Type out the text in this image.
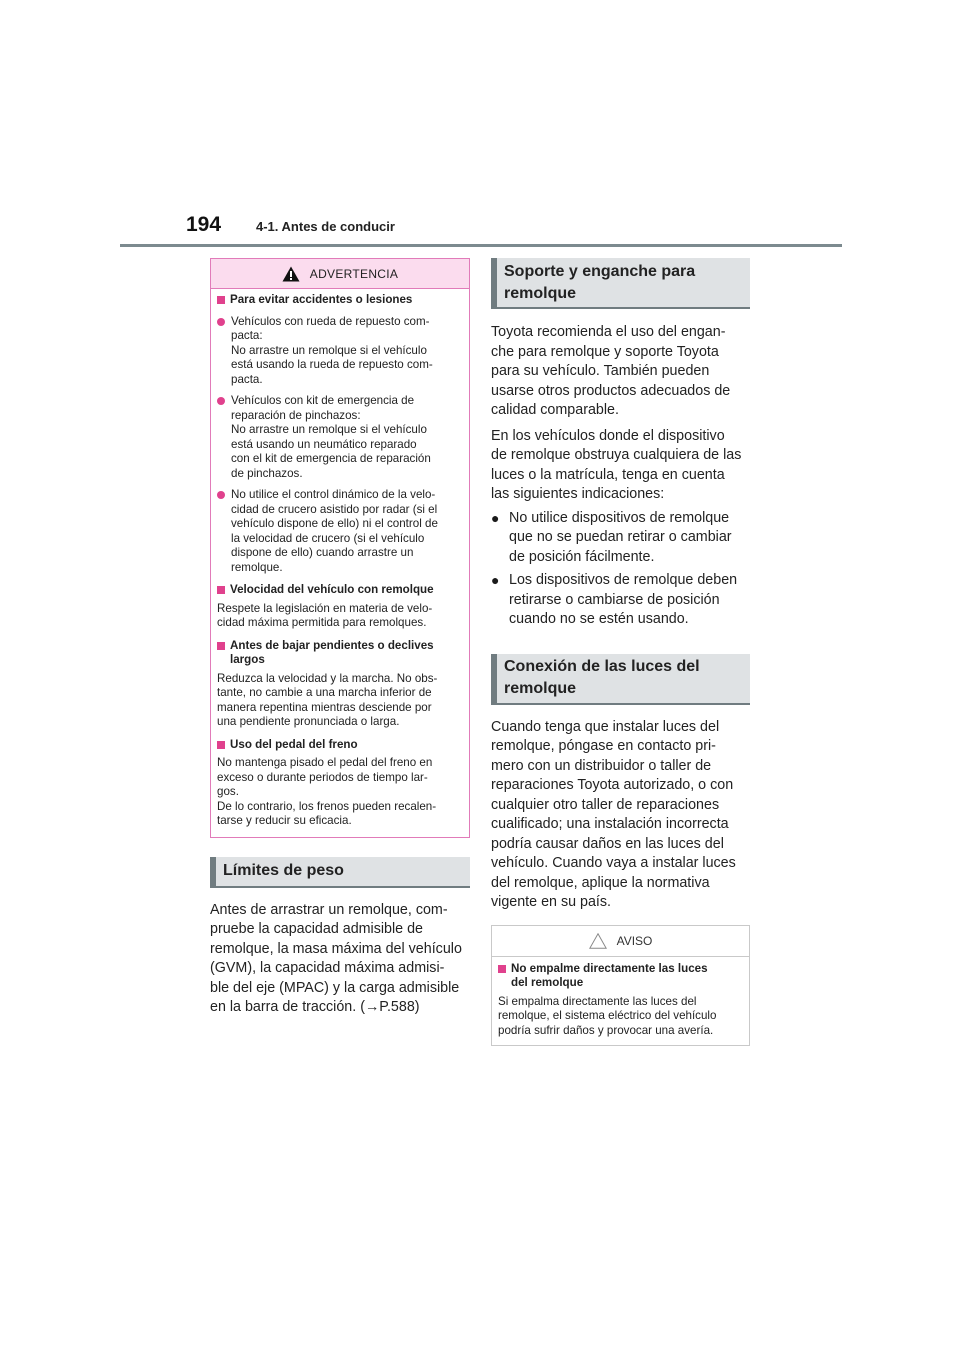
194	4-1. Antes de conducir
ADVERTENCIA
Para evitar accidentes o lesiones
Vehículos con rueda de repuesto com-
pacta:
No arrastre un remolque si el vehículo
está usando la rueda de repuesto com-
pacta.
Vehículos con kit de emergencia de
reparación de pinchazos:
No arrastre un remolque si el vehículo
está usando un neumático reparado
con el kit de emergencia de reparación
de pinchazos.
No utilice el control dinámico de la velo-
cidad de crucero asistido por radar (si el
vehículo dispone de ello) ni el control de
la velocidad de crucero (si el vehículo
dispone de ello) cuando arrastre un
remolque.
Velocidad del vehículo con remolque
Respete la legislación en materia de velo-
cidad máxima permitida para remolques.
Antes de bajar pendientes o declives
largos
Reduzca la velocidad y la marcha. No obs-
tante, no cambie a una marcha inferior de
manera repentina mientras desciende por
una pendiente pronunciada o larga.
Uso del pedal del freno
No mantenga pisado el pedal del freno en
exceso o durante periodos de tiempo lar-
gos.
De lo contrario, los frenos pueden recalen-
tarse y reducir su eficacia.
Límites de peso
Antes de arrastrar un remolque, com-
pruebe la capacidad admisible de
remolque, la masa máxima del vehículo
(GVM), la capacidad máxima admisi-
ble del eje (MPAC) y la carga admisible
en la barra de tracción. (→P.588)
Soporte y enganche para
remolque
Toyota recomienda el uso del engan-
che para remolque y soporte Toyota
para su vehículo. También pueden
usarse otros productos adecuados de
calidad comparable.
En los vehículos donde el dispositivo
de remolque obstruya cualquiera de las
luces o la matrícula, tenga en cuenta
las siguientes indicaciones:
● No utilice dispositivos de remolque
que no se puedan retirar o cambiar
de posición fácilmente.
● Los dispositivos de remolque deben
retirarse o cambiarse de posición
cuando no se estén usando.
Conexión de las luces del
remolque
Cuando tenga que instalar luces del
remolque, póngase en contacto pri-
mero con un distribuidor o taller de
reparaciones Toyota autorizado, o con
cualquier otro taller de reparaciones
cualificado; una instalación incorrecta
podría causar daños en las luces del
vehículo. Cuando vaya a instalar luces
del remolque, aplique la normativa
vigente en su país.
AVISO
No empalme directamente las luces
del remolque
Si empalma directamente las luces del
remolque, el sistema eléctrico del vehículo
podría sufrir daños y provocar una avería.
